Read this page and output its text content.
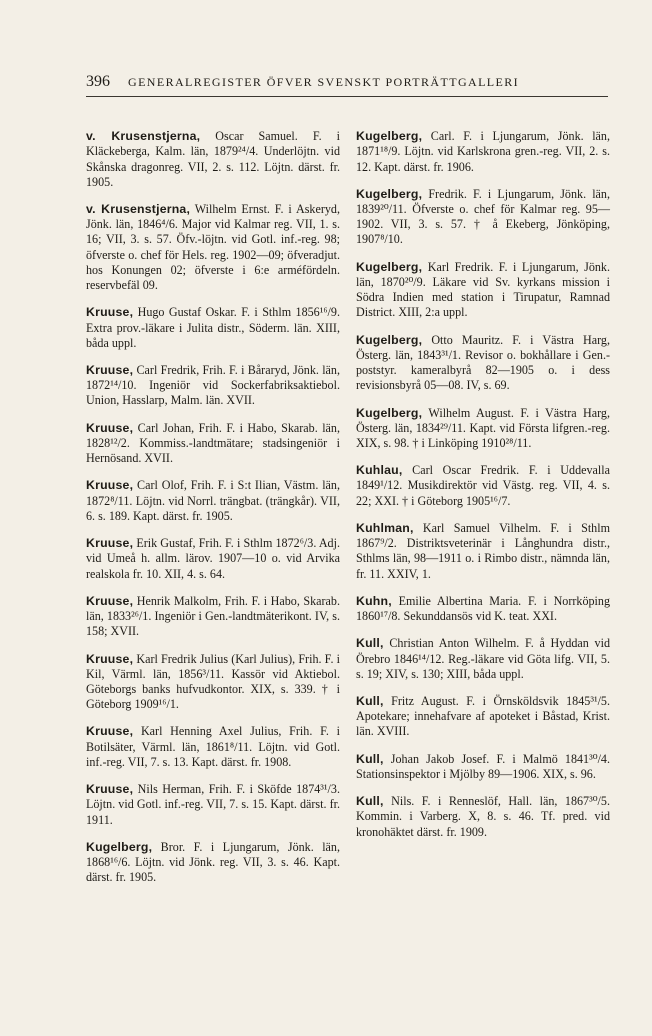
396 GENERALREGISTER ÖFVER SVENSKT PORTRÄTTGALLERI

v. Krusenstjerna, Oscar Samuel. F. i Kläckeberga, Kalm. län, 1879²⁴/4. Underlöjtn. vid Skånska dragonreg. VII, 2. s. 112. Löjtn. därst. fr. 1905.

v. Krusenstjerna, Wilhelm Ernst. F. i Askeryd, Jönk. län, 1846⁴/6. Major vid Kalmar reg. VII, 1. s. 16; VII, 3. s. 57. Öfv.-löjtn. vid Gotl. inf.-reg. 98; öfverste o. chef för Hels. reg. 1902—09; öfveradjut. hos Konungen 02; öfverste i 6:e arméfördeln. reservbefäl 09.

Kruuse, Hugo Gustaf Oskar. F. i Sthlm 1856¹⁶/9. Extra prov.-läkare i Julita distr., Söderm. län. XIII, båda uppl.

Kruuse, Carl Fredrik, Frih. F. i Båraryd, Jönk. län, 1872¹⁴/10. Ingeniör vid Sockerfabriksaktiebol. Union, Hasslarp, Malm. län. XVII.

Kruuse, Carl Johan, Frih. F. i Habo, Skarab. län, 1828¹²/2. Kommiss.-landtmätare; stadsingeniör i Hernösand. XVII.

Kruuse, Carl Olof, Frih. F. i S:t Ilian, Västm. län, 1872⁸/11. Löjtn. vid Norrl. trängbat. (trängkår). VII, 6. s. 189. Kapt. därst. fr. 1905.

Kruuse, Erik Gustaf, Frih. F. i Sthlm 1872⁶/3. Adj. vid Umeå h. allm. lärov. 1907—10 o. vid Arvika realskola fr. 10. XII, 4. s. 64.

Kruuse, Henrik Malkolm, Frih. F. i Habo, Skarab. län, 1833²⁶/1. Ingeniör i Gen.-landtmäterikont. IV, s. 158; XVII.

Kruuse, Karl Fredrik Julius (Karl Julius), Frih. F. i Kil, Värml. län, 1856³/11. Kassör vid Aktiebol. Göteborgs banks hufvudkontor. XIX, s. 339. † i Göteborg 1909¹⁶/1.

Kruuse, Karl Henning Axel Julius, Frih. F. i Botilsäter, Värml. län, 1861⁸/11. Löjtn. vid Gotl. inf.-reg. VII, 7. s. 13. Kapt. därst. fr. 1908.

Kruuse, Nils Herman, Frih. F. i Sköfde 1874³¹/3. Löjtn. vid Gotl. inf.-reg. VII, 7. s. 15. Kapt. därst. fr. 1911.

Kugelberg, Bror. F. i Ljungarum, Jönk. län, 1868¹⁶/6. Löjtn. vid Jönk. reg. VII, 3. s. 46. Kapt. därst. fr. 1905.

Kugelberg, Carl. F. i Ljungarum, Jönk. län, 1871¹⁸/9. Löjtn. vid Karlskrona gren.-reg. VII, 2. s. 12. Kapt. därst. fr. 1906.

Kugelberg, Fredrik. F. i Ljungarum, Jönk. län, 1839²⁰/11. Öfverste o. chef för Kalmar reg. 95—1902. VII, 3. s. 57. † å Ekeberg, Jönköping, 1907⁸/10.

Kugelberg, Karl Fredrik. F. i Ljungarum, Jönk. län, 1870²⁰/9. Läkare vid Sv. kyrkans mission i Södra Indien med station i Tirupatur, Ramnad District. XIII, 2:a uppl.

Kugelberg, Otto Mauritz. F. i Västra Harg, Österg. län, 1843³¹/1. Revisor o. bokhållare i Gen.-poststyr. kameralbyrå 82—1905 o. i dess revisionsbyrå 05—08. IV, s. 69.

Kugelberg, Wilhelm August. F. i Västra Harg, Österg. län, 1834²⁹/11. Kapt. vid Första lifgren.-reg. XIX, s. 98. † i Linköping 1910²⁸/11.

Kuhlau, Carl Oscar Fredrik. F. i Uddevalla 1849¹/12. Musikdirektör vid Västg. reg. VII, 4. s. 22; XXI. † i Göteborg 1905¹⁶/7.

Kuhlman, Karl Samuel Vilhelm. F. i Sthlm 1867⁹/2. Distriktsveterinär i Långhundra distr., Sthlms län, 98—1911 o. i Rimbo distr., nämnda län, fr. 11. XXIV, 1.

Kuhn, Emilie Albertina Maria. F. i Norrköping 1860¹⁷/8. Sekunddansös vid K. teat. XXI.

Kull, Christian Anton Wilhelm. F. å Hyddan vid Örebro 1846¹⁴/12. Reg.-läkare vid Göta lifg. VII, 5. s. 19; XIV, s. 130; XIII, båda uppl.

Kull, Fritz August. F. i Örnsköldsvik 1845³¹/5. Apotekare; innehafvare af apoteket i Båstad, Krist. län. XVIII.

Kull, Johan Jakob Josef. F. i Malmö 1841³⁰/4. Stationsinspektor i Mjölby 89—1906. XIX, s. 96.

Kull, Nils. F. i Renneslöf, Hall. län, 1867³⁰/5. Kommin. i Varberg. X, 8. s. 46. Tf. pred. vid kronohäktet därst. fr. 1909.
